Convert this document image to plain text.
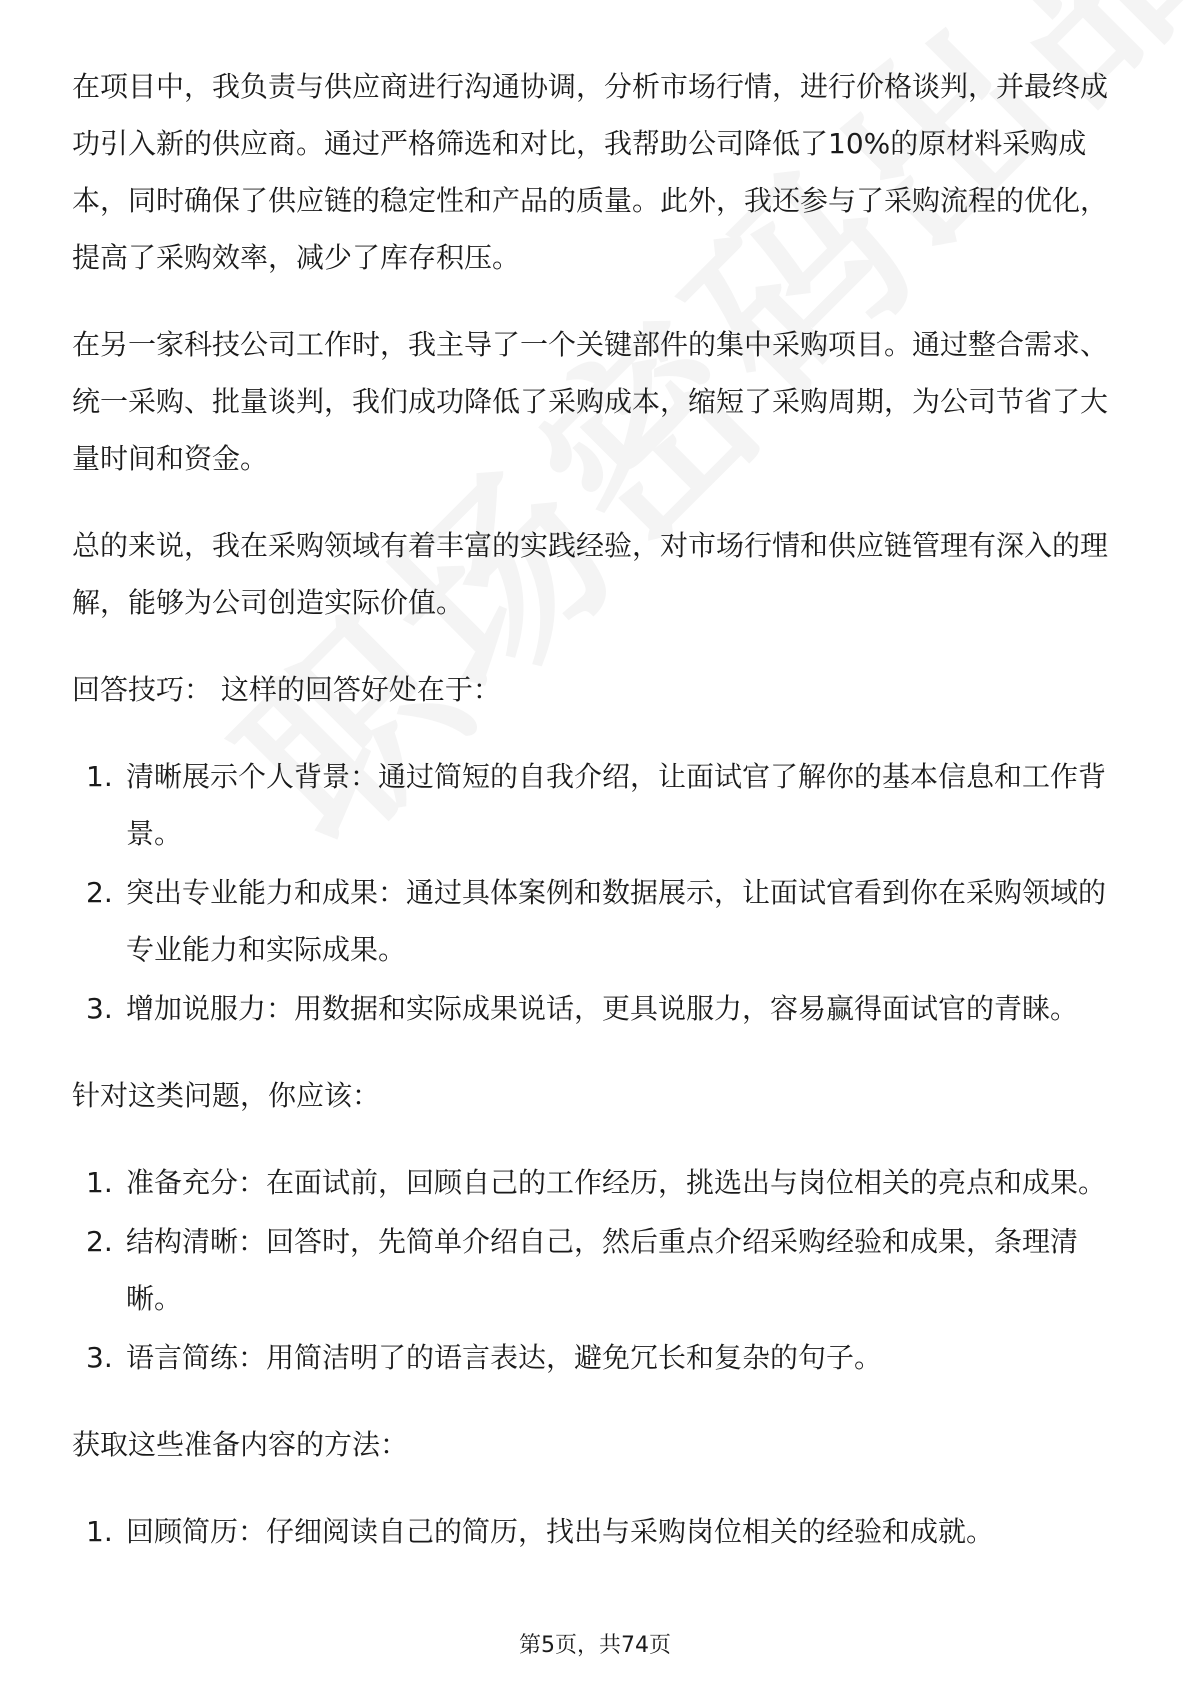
在项目中，我负责与供应商进行沟通协调，分析市场行情，进行价格谈判，并最终成功引入新的供应商。通过严格筛选和对比，我帮助公司降低了10%的原材料采购成本，同时确保了供应链的稳定性和产品的质量。此外，我还参与了采购流程的优化，提高了采购效率，减少了库存积压。

在另一家科技公司工作时，我主导了一个关键部件的集中采购项目。通过整合需求、统一采购、批量谈判，我们成功降低了采购成本，缩短了采购周期，为公司节省了大量时间和资金。

总的来说，我在采购领域有着丰富的实践经验，对市场行情和供应链管理有深入的理解，能够为公司创造实际价值。

回答技巧： 这样的回答好处在于：

1. 清晰展示个人背景：通过简短的自我介绍，让面试官了解你的基本信息和工作背景。
2. 突出专业能力和成果：通过具体案例和数据展示，让面试官看到你在采购领域的专业能力和实际成果。
3. 增加说服力：用数据和实际成果说话，更具说服力，容易赢得面试官的青睐。

针对这类问题，你应该：

1. 准备充分：在面试前，回顾自己的工作经历，挑选出与岗位相关的亮点和成果。
2. 结构清晰：回答时，先简单介绍自己，然后重点介绍采购经验和成果，条理清晰。
3. 语言简练：用简洁明了的语言表达，避免冗长和复杂的句子。

获取这些准备内容的方法：

1. 回顾简历：仔细阅读自己的简历，找出与采购岗位相关的经验和成就。
第5页，共74页
